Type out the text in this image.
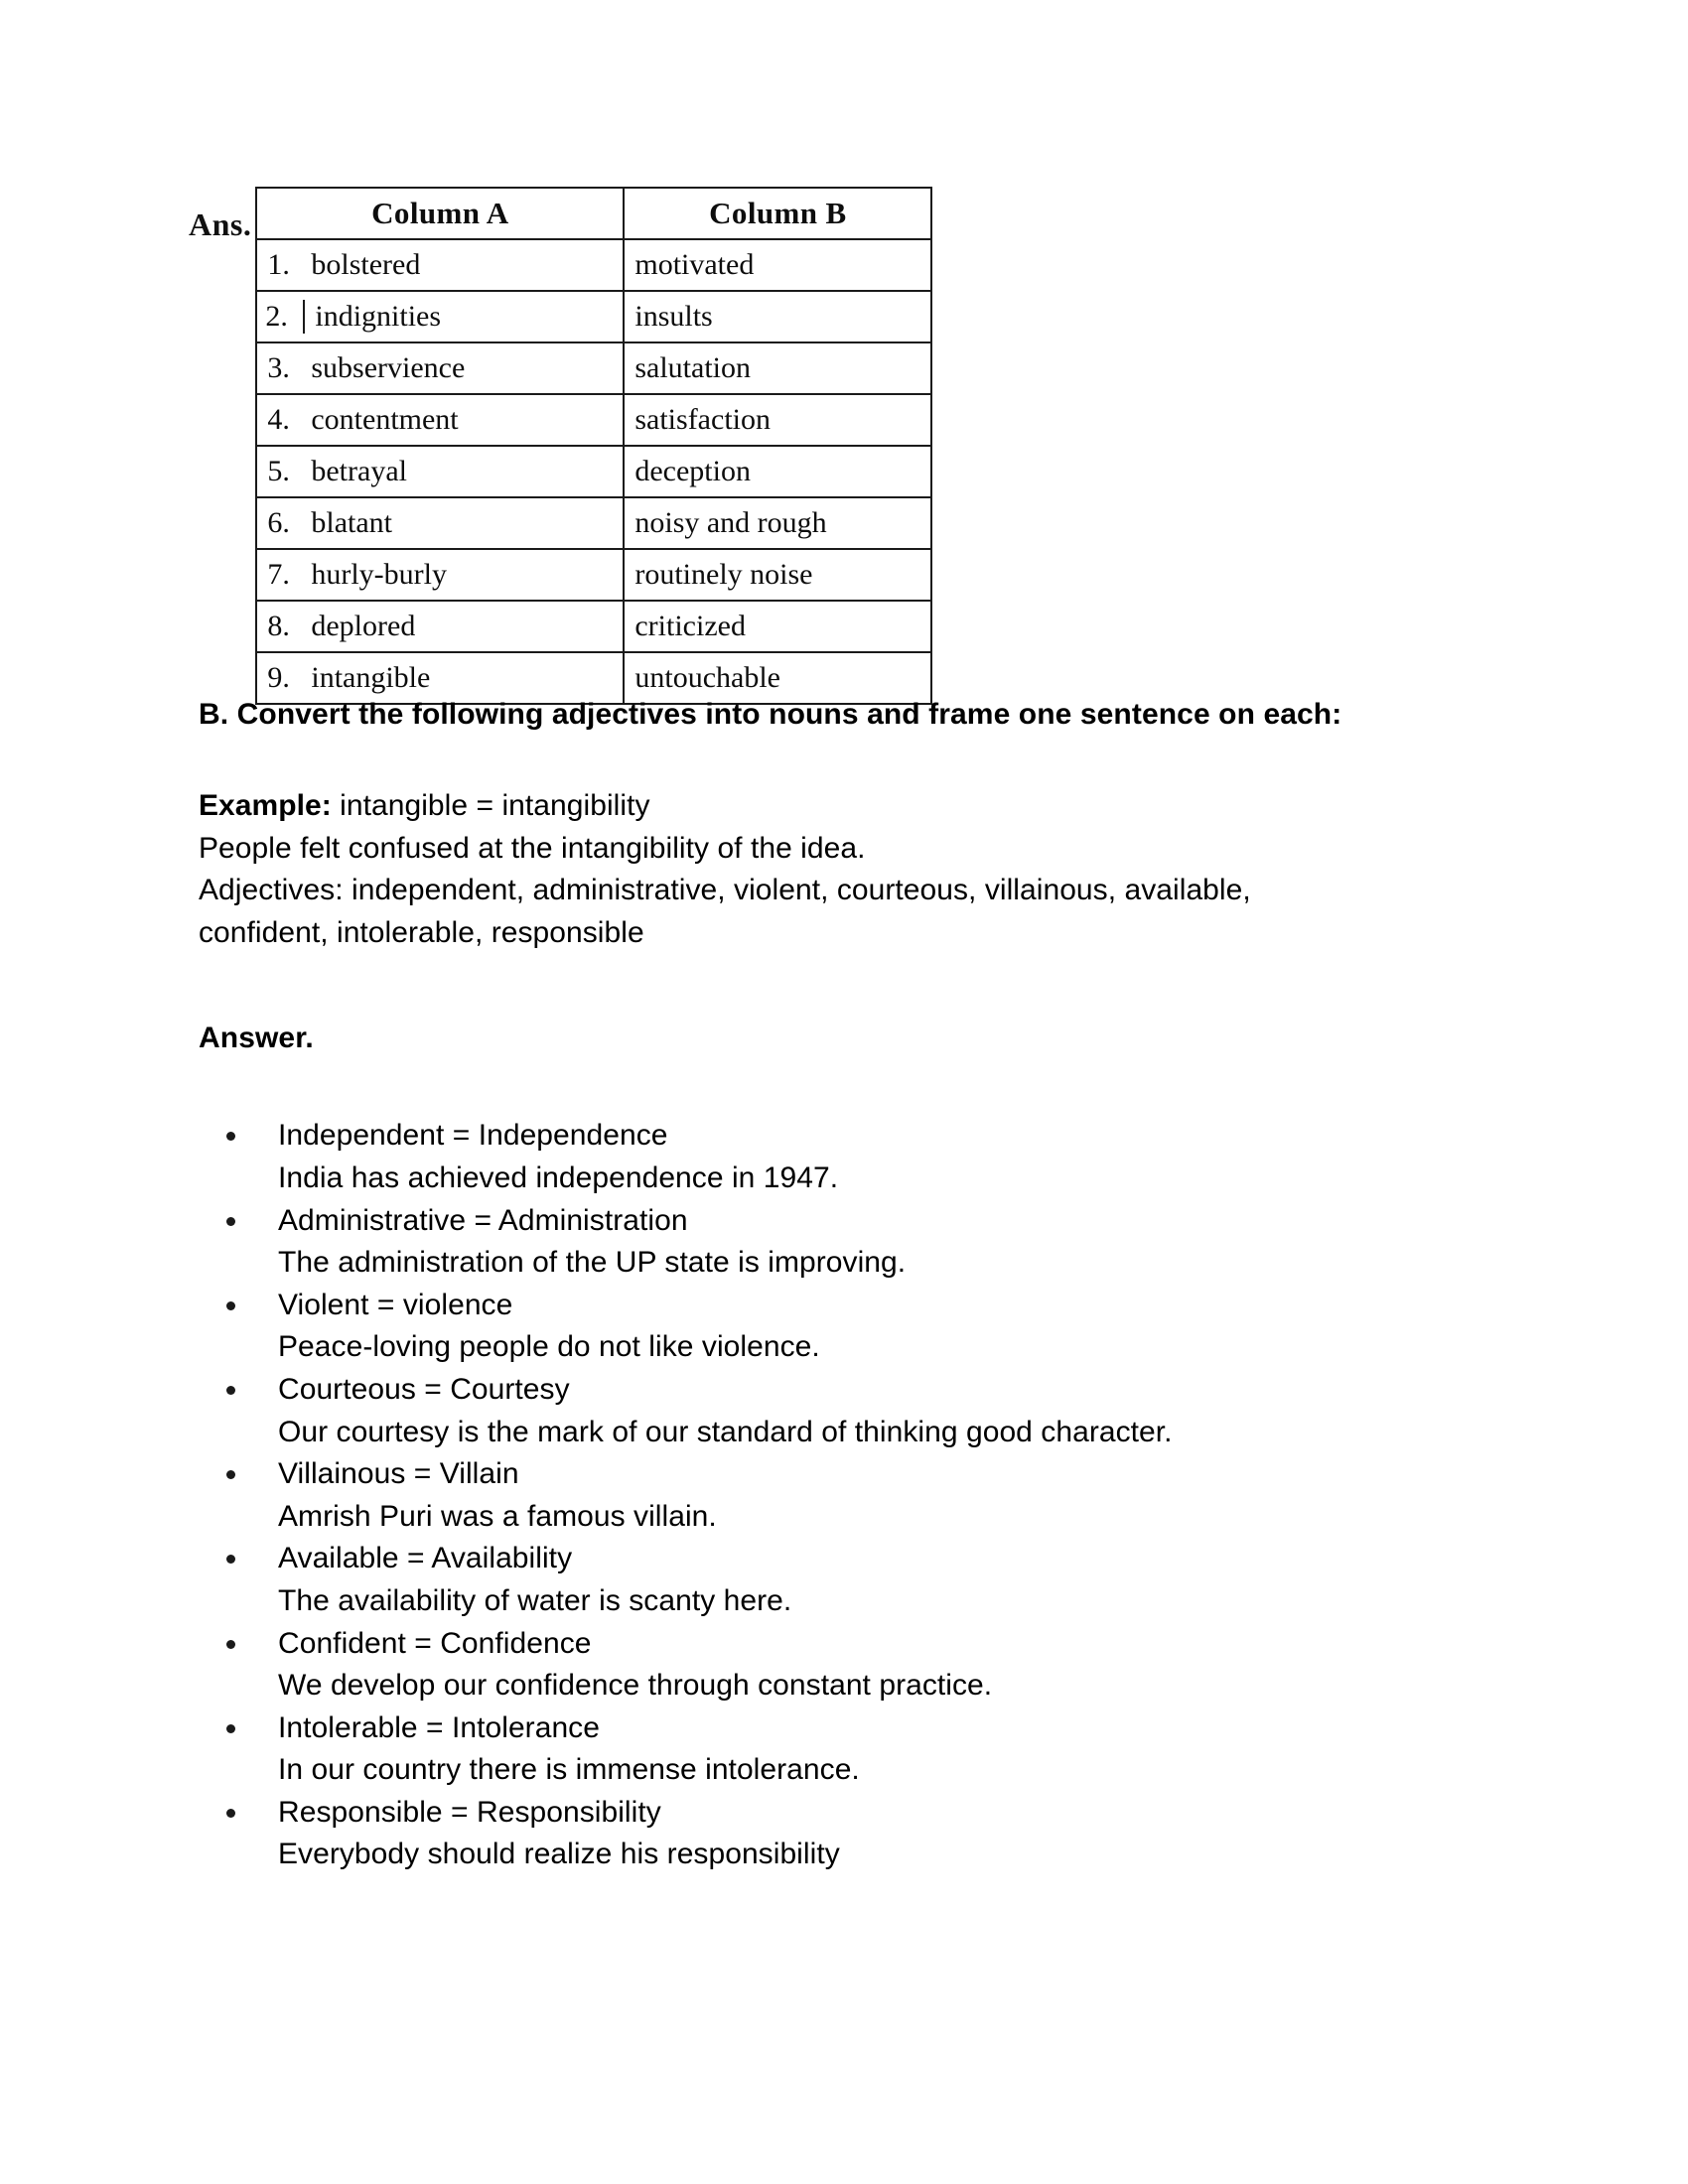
Ans.	Column A	Column B

1. bolstered	motivated

2. indignities	insults

3. subservience	salutation

4. contentment	satisfaction

5. betrayal	deception

6. blatant	noisy and rough

7. hurly-burly	routinely noise

8. deplored	criticized

9. intangible	untouchable

B. Convert the following adjectives into nouns and frame one sentence on each:

Example: intangible = intangibility

People felt confused at the intangibility of the idea.

Adjectives: independent, administrative, violent, courteous, villainous, available,

confident, intolerable, responsible

Answer.

Independent = Independence
India has achieved independence in 1947.
Administrative = Administration
The administration of the UP state is improving.
Violent = violence
Peace-loving people do not like violence.
Courteous = Courtesy
Our courtesy is the mark of our standard of thinking good character.
Villainous = Villain
Amrish Puri was a famous villain.
Available = Availability
The availability of water is scanty here.
Confident = Confidence
We develop our confidence through constant practice.
Intolerable = Intolerance
In our country there is immense intolerance.
Responsible = Responsibility
Everybody should realize his responsibility
